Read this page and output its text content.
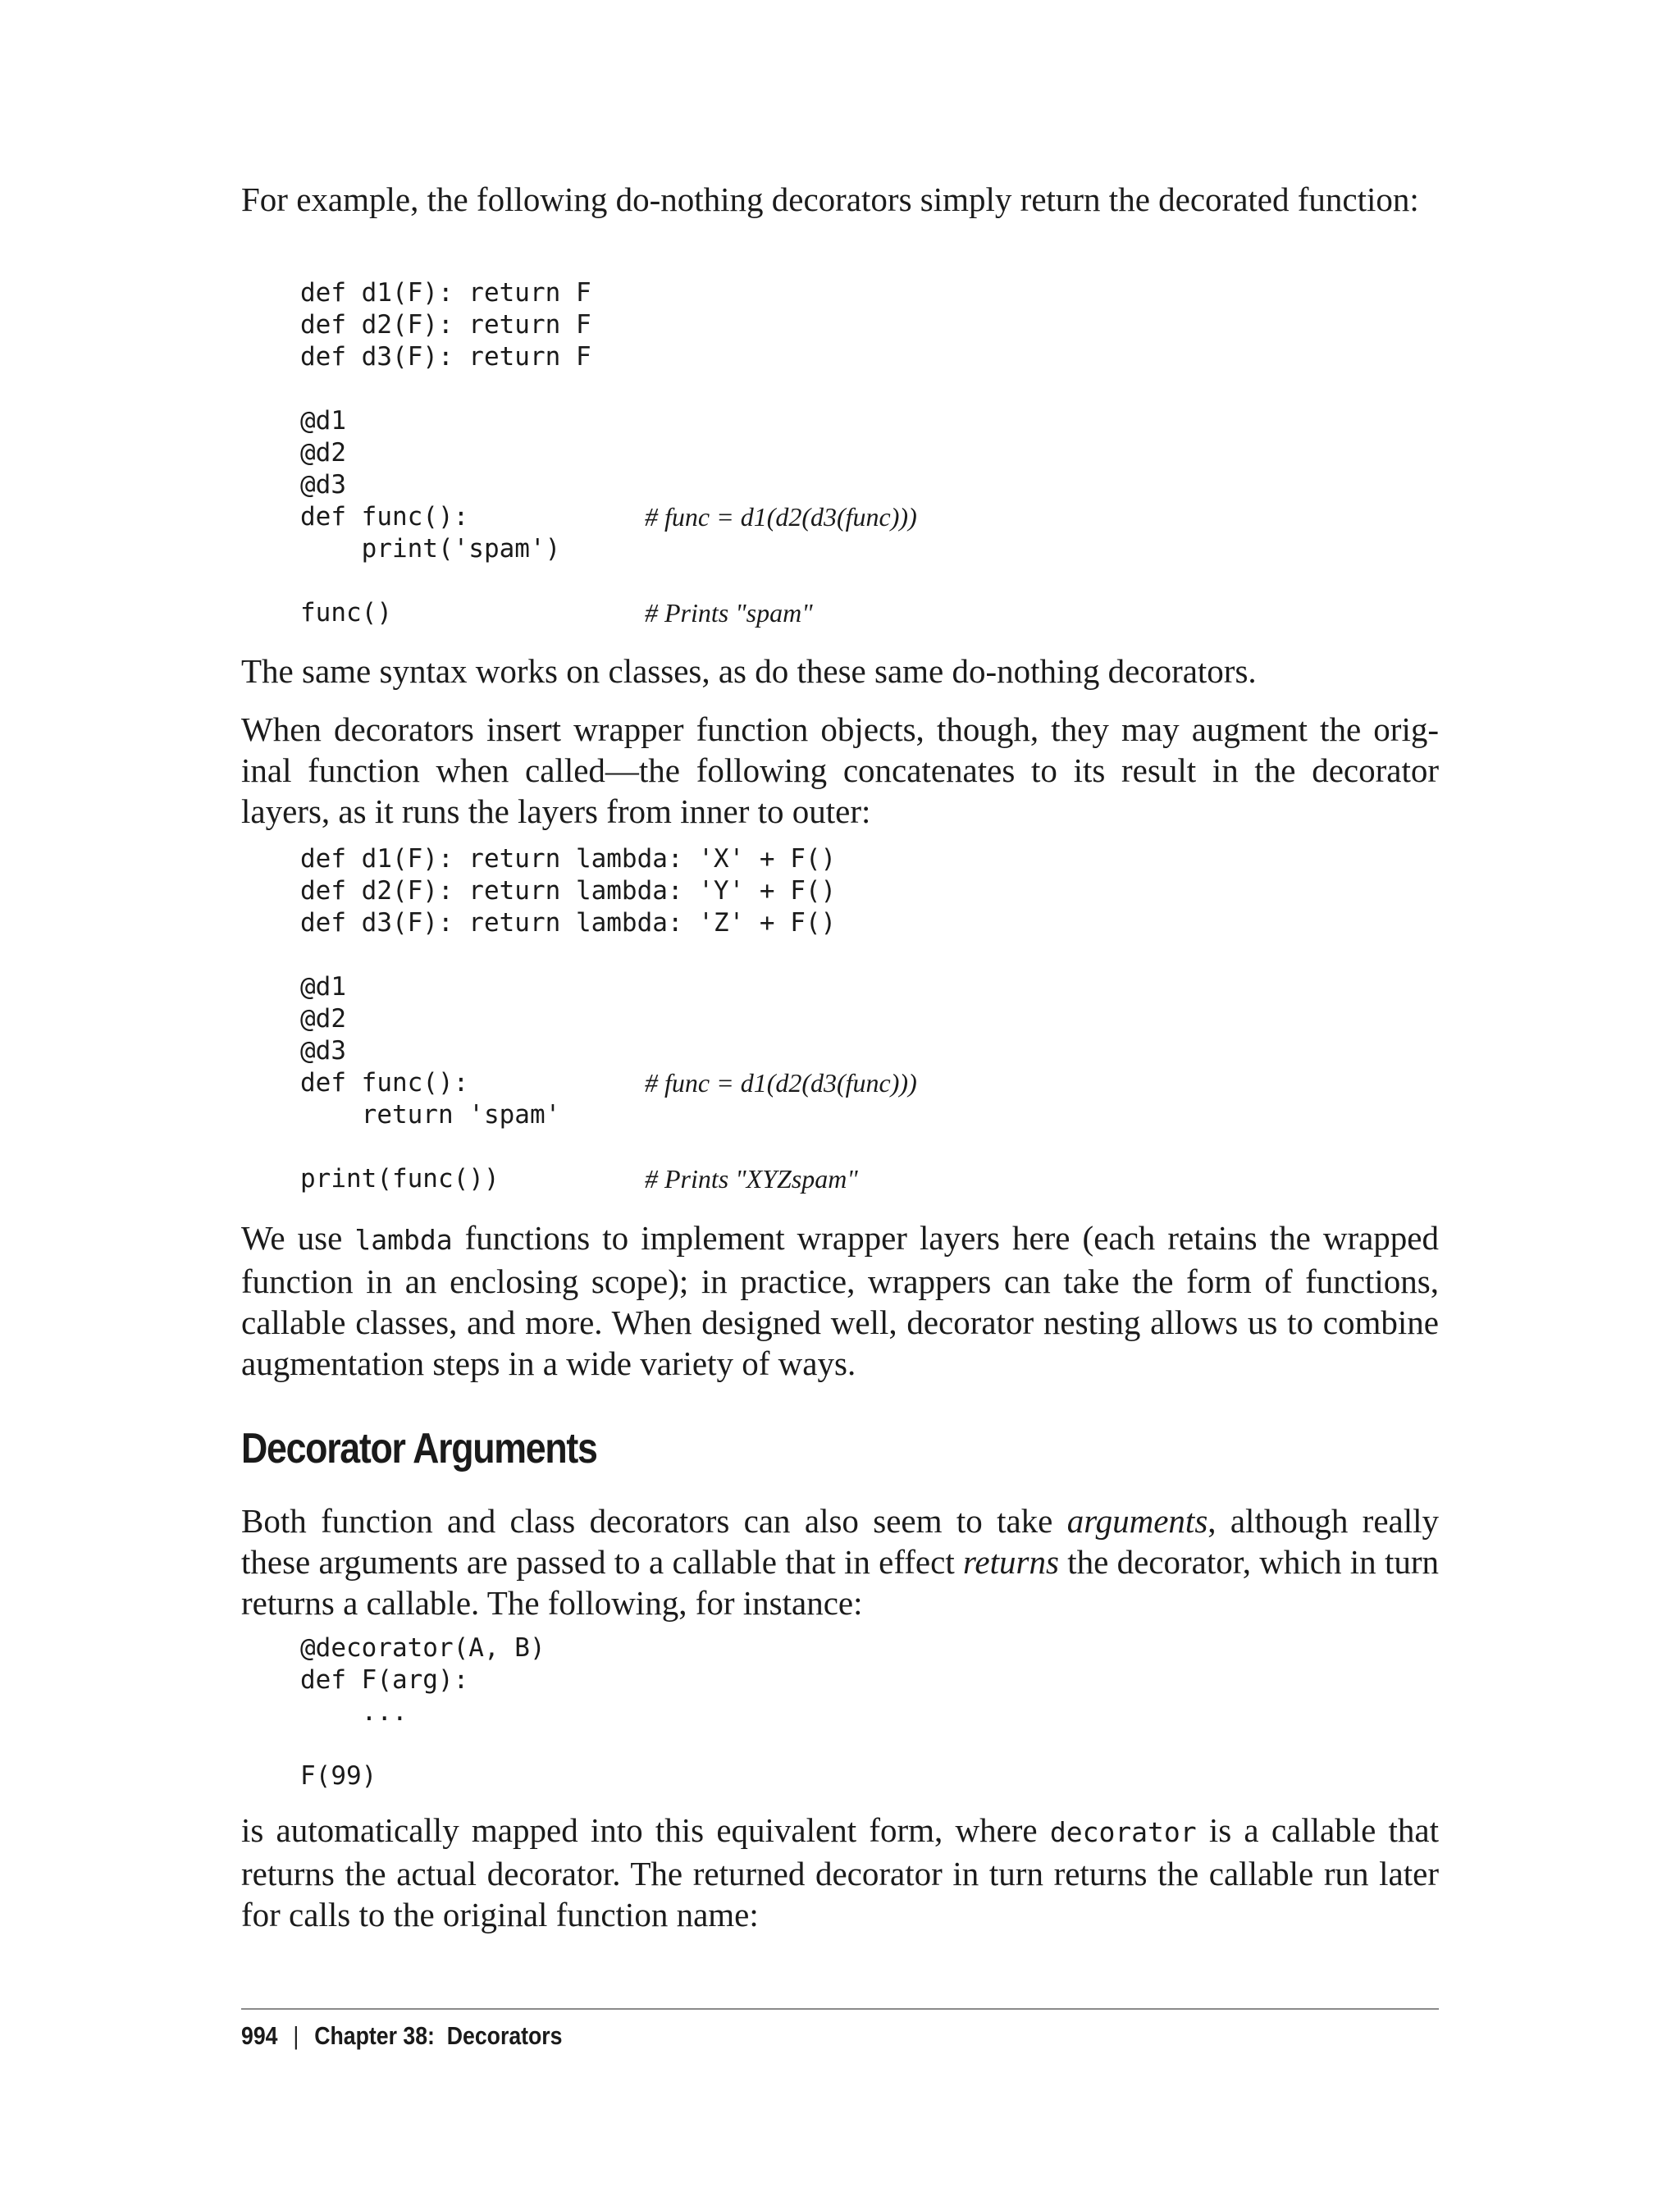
For example, the following do-nothing decorators simply return the decorated function:

def d1(F): return F
def d2(F): return F
def d3(F): return F

@d1
@d2
@d3
def func():
print('spam')

func()
# func = d1(d2(d3(func)))
# Prints "spam"

The same syntax works on classes, as do these same do-nothing decorators.

When decorators insert wrapper function objects, though, they may augment the orig-inal function when called—the following concatenates to its result in the decorator layers, as it runs the layers from inner to outer:

def d1(F): return lambda: 'X' + F()
def d2(F): return lambda: 'Y' + F()
def d3(F): return lambda: 'Z' + F()

@d1
@d2
@d3
def func():
return 'spam'

print(func())
# func = d1(d2(d3(func)))
# Prints "XYZspam"

We use lambda functions to implement wrapper layers here (each retains the wrapped function in an enclosing scope); in practice, wrappers can take the form of functions, callable classes, and more. When designed well, decorator nesting allows us to combine augmentation steps in a wide variety of ways.

Decorator Arguments

Both function and class decorators can also seem to take arguments, although really these arguments are passed to a callable that in effect returns the decorator, which in turn returns a callable. The following, for instance:

@decorator(A, B)
def F(arg):
...

F(99)

is automatically mapped into this equivalent form, where decorator is a callable that returns the actual decorator. The returned decorator in turn returns the callable run later for calls to the original function name:

994 | Chapter 38:  Decorators
